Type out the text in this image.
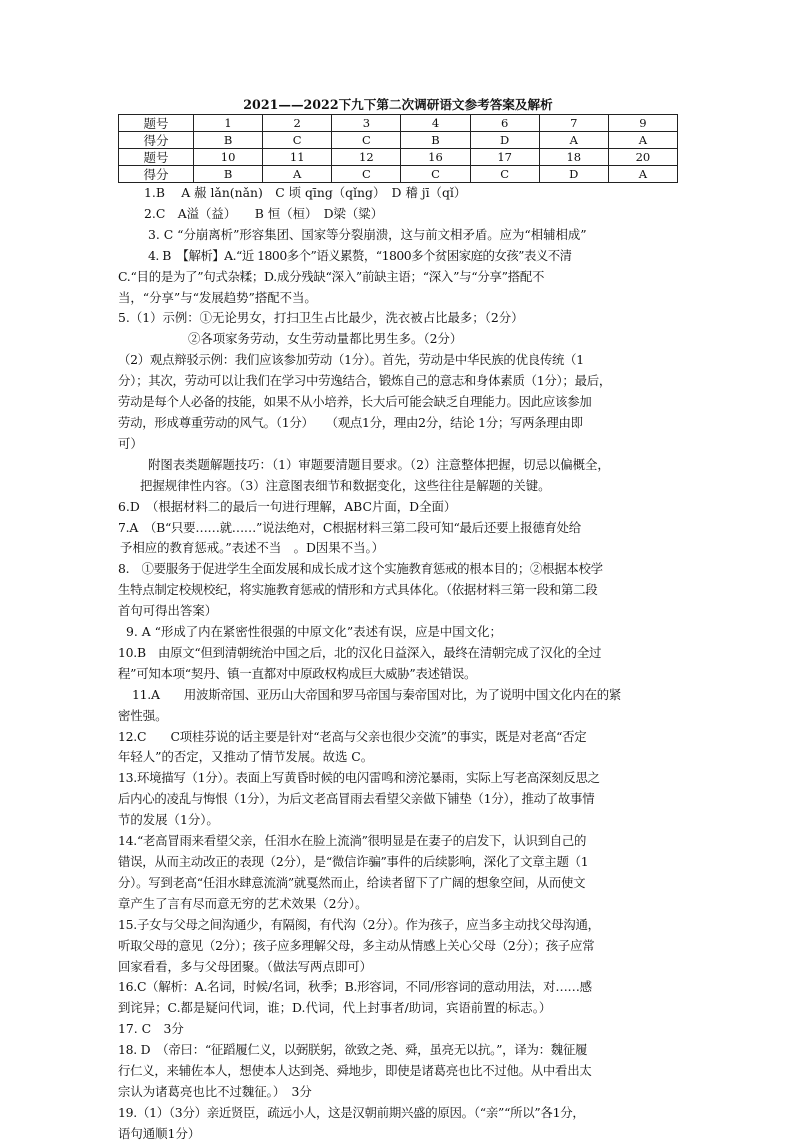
2021——2022下九下第二次调研语文参考答案及解析
题号	1	2	3	4	6	7	9
得分	B	C	C	B	D	A	A
题号	10	11	12	16	17	18	20
得分	B	A	C	C	C	D	A

1.B　 A 赧 lǎn(nǎn)　C 顷 qīng（qǐng）　D 稽 jī（qǐ）

2.C　A溢（益）　　B 恒（桓）　D梁（粱）

3. C “分崩离析”形容集团、国家等分裂崩溃，这与前文相矛盾。应为“相辅相成”

4. B　【解析】A.“近 1800多个”语义累赘，“1800多个贫困家庭的女孩”表义不清

C.“目的是为了”句式杂糅；D.成分残缺“深入”前缺主语；“深入”与“分享”搭配不

当，“分享”与“发展趋势”搭配不当。

5.（1）示例：①无论男女，打扫卫生占比最少，洗衣被占比最多；（2分）

②各项家务劳动，女生劳动量都比男生多。（2分）

（2）观点辩驳示例：我们应该参加劳动（1分）。首先，劳动是中华民族的优良传统（1

分）；其次，劳动可以让我们在学习中劳逸结合，锻炼自己的意志和身体素质（1分）；最后，

劳动是每个人必备的技能，如果不从小培养，长大后可能会缺乏自理能力。因此应该参加

劳动，形成尊重劳动的风气。（1分）　　（观点1分，理由2分，结论 1分；写两条理由即

可）

附图表类题解题技巧：（1）审题要清题目要求。（2）注意整体把握，切忌以偏概全，

把握规律性内容。（3）注意图表细节和数据变化，这些往往是解题的关键。

6.D　（根据材料二的最后一句进行理解，ABC片面，D全面）

7.A　（B“只要……就……”说法绝对，C根据材料三第二段可知“最后还要上报德育处给

予相应的教育惩戒。”表述不当　。D因果不当。）

8.　①要服务于促进学生全面发展和成长成才这个实施教育惩戒的根本目的；②根据本校学

生特点制定校规校纪，将实施教育惩戒的情形和方式具体化。（依据材料三第一段和第二段

首句可得出答案）

9. A “形成了内在紧密性很强的中原文化”表述有误，应是中国文化；

10.B　由原文“但到清朝统治中国之后，北的汉化日益深入，最终在清朝完成了汉化的全过

程”可知本项“契丹、镇一直都对中原政权构成巨大威胁”表述错误。

11.A　　用波斯帝国、亚历山大帝国和罗马帝国与秦帝国对比，为了说明中国文化内在的紧

密性强。

12.C　　C项桂芬说的话主要是针对“老高与父亲也很少交流”的事实，既是对老高“否定

年轻人”的否定，又推动了情节发展。故选 C。

13.环境描写（1分）。表面上写黄昏时候的电闪雷鸣和滂沱暴雨，实际上写老高深刻反思之

后内心的凌乱与悔恨（1分），为后文老高冒雨去看望父亲做下铺垫（1分），推动了故事情

节的发展（1分）。

14.“老高冒雨来看望父亲，任泪水在脸上流淌”很明显是在妻子的启发下，认识到自己的

错误，从而主动改正的表现（2分），是“微信诈骗”事件的后续影响，深化了文章主题（1

分）。写到老高“任泪水肆意流淌”就戛然而止，给读者留下了广阔的想象空间，从而使文

章产生了言有尽而意无穷的艺术效果（2分）。

15.子女与父母之间沟通少，有隔阂，有代沟（2分）。作为孩子，应当多主动找父母沟通，

听取父母的意见（2分）；孩子应多理解父母，多主动从情感上关心父母（2分）；孩子应常

回家看看，多与父母团聚。（做法写两点即可）

16.C（解析：A.名词，时候/名词，秋季；B.形容词，不同/形容词的意动用法，对……感

到诧异；C.都是疑问代词，谁；D.代词，代上封事者/助词，宾语前置的标志。）

17. C　3分

18. D　（帝曰：“征蹈履仁义，以弼朕躬，欲致之尧、舜，虽亮无以抗。”，译为：魏征履

行仁义，来辅佐本人，想使本人达到尧、舜地步，即使是诸葛亮也比不过他。从中看出太

宗认为诸葛亮也比不过魏征。）　3分

19.（1）（3分）亲近贤臣，疏远小人，这是汉朝前期兴盛的原因。（“亲”“所以”各1分，

语句通顺1分）
